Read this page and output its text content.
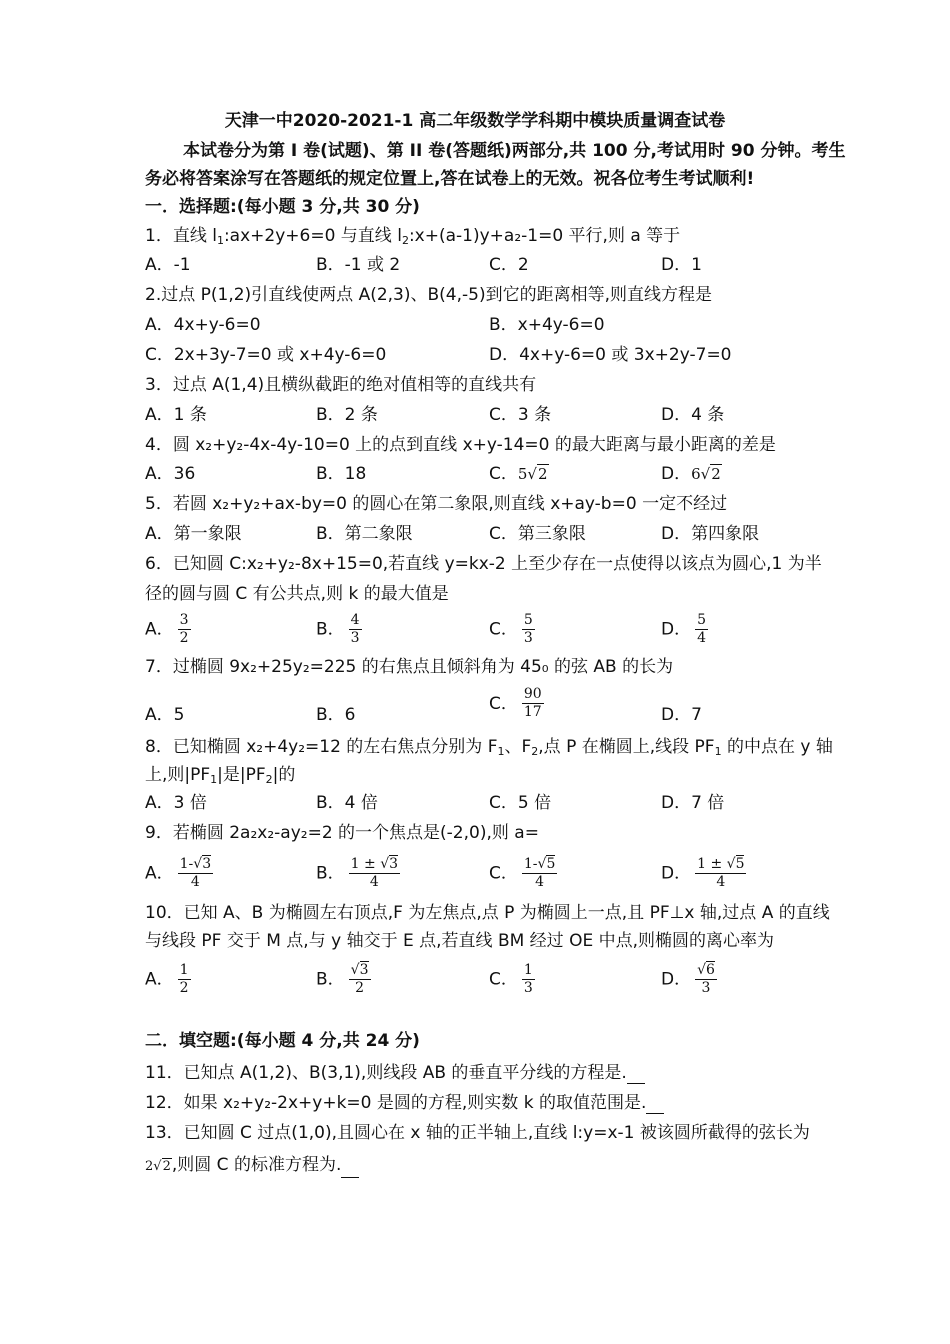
天津一中2020-2021-1 高二年级数学学科期中模块质量调查试卷
本试卷分为第 I 卷(试题)、第 II 卷(答题纸)两部分,共 100 分,考试用时 90 分钟。考生
务必将答案涂写在答题纸的规定位置上,答在试卷上的无效。祝各位考生考试顺利!
一．选择题:(每小题 3 分,共 30 分)
1．直线 $l_1:ax+2y+6=0$ 与直线 $l_2:x+(a-1)y+a_2-1=0$ 平行,则 a 等于
A．-1	B．-1 或 2	C．2	D．1
2.过点 P(1,2)引直线使两点 A(2,3)、B(4,-5)到它的距离相等,则直线方程是
A．4x+y-6=0	B．x+4y-6=0
C．2x+3y-7=0 或 x+4y-6=0	D．4x+y-6=0 或 3x+2y-7=0
3．过点 A(1,4)且横纵截距的绝对值相等的直线共有
A．1 条	B．2 条	C．3 条	D．4 条
4．圆 x₂+y₂-4x-4y-10=0 上的点到直线 x+y-14=0 的最大距离与最小距离的差是
A．36	B．18	C．5√2	D．6√2
5．若圆 x₂+y₂+ax-by=0 的圆心在第二象限,则直线 x+ay-b=0 一定不经过
A．第一象限	B．第二象限	C．第三象限	D．第四象限
6．已知圆 C:x₂+y₂-8x+15=0,若直线 y=kx-2 上至少存在一点使得以该点为圆心,1 为半
径的圆与圆 C 有公共点,则 k 的最大值是
A． $\frac{3}{2}$	B． $\frac{4}{3}$	C． $\frac{5}{3}$	D． $\frac{5}{4}$
7．过椭圆 9x₂+25y₂=225 的右焦点且倾斜角为 45₀ 的弦 AB 的长为
A．5	B．6
C． $\frac{90}{17}$	D．7
8．已知椭圆 x₂+4y₂=12 的左右焦点分别为 $F_1$、$F_2$,点 P 在椭圆上,线段 $PF_1$ 的中点在 y 轴
上,则$|PF_1|$是$|PF_2|$的
A．3 倍	B．4 倍	C．5 倍	D．7 倍
9．若椭圆 2a₂x₂-ay₂=2 的一个焦点是(-2,0),则 a=
A． $\frac{1-√3}{4}$	B． $\frac{1 \pm √3}{4}$	C． $\frac{1-√5}{4}$	D． $\frac{1 \pm √5}{4}$
10．已知 A、B 为椭圆左右顶点,F 为左焦点,点 P 为椭圆上一点,且 PF⊥x 轴,过点 A 的直线
与线段 PF 交于 M 点,与 y 轴交于 E 点,若直线 BM 经过 OE 中点,则椭圆的离心率为
A． $\frac{1}{2}$	B． $\frac{√3}{2}$	C． $\frac{1}{3}$	D． $\frac{√6}{3}$
二．填空题:(每小题 4 分,共 24 分)
11．已知点 A(1,2)、B(3,1),则线段 AB 的垂直平分线的方程是.
12．如果 x₂+y₂-2x+y+k=0 是圆的方程,则实数 k 的取值范围是.
13．已知圆 C 过点(1,0),且圆心在 x 轴的正半轴上,直线 l:y=x-1 被该圆所截得的弦长为
2√2,则圆 C 的标准方程为.
